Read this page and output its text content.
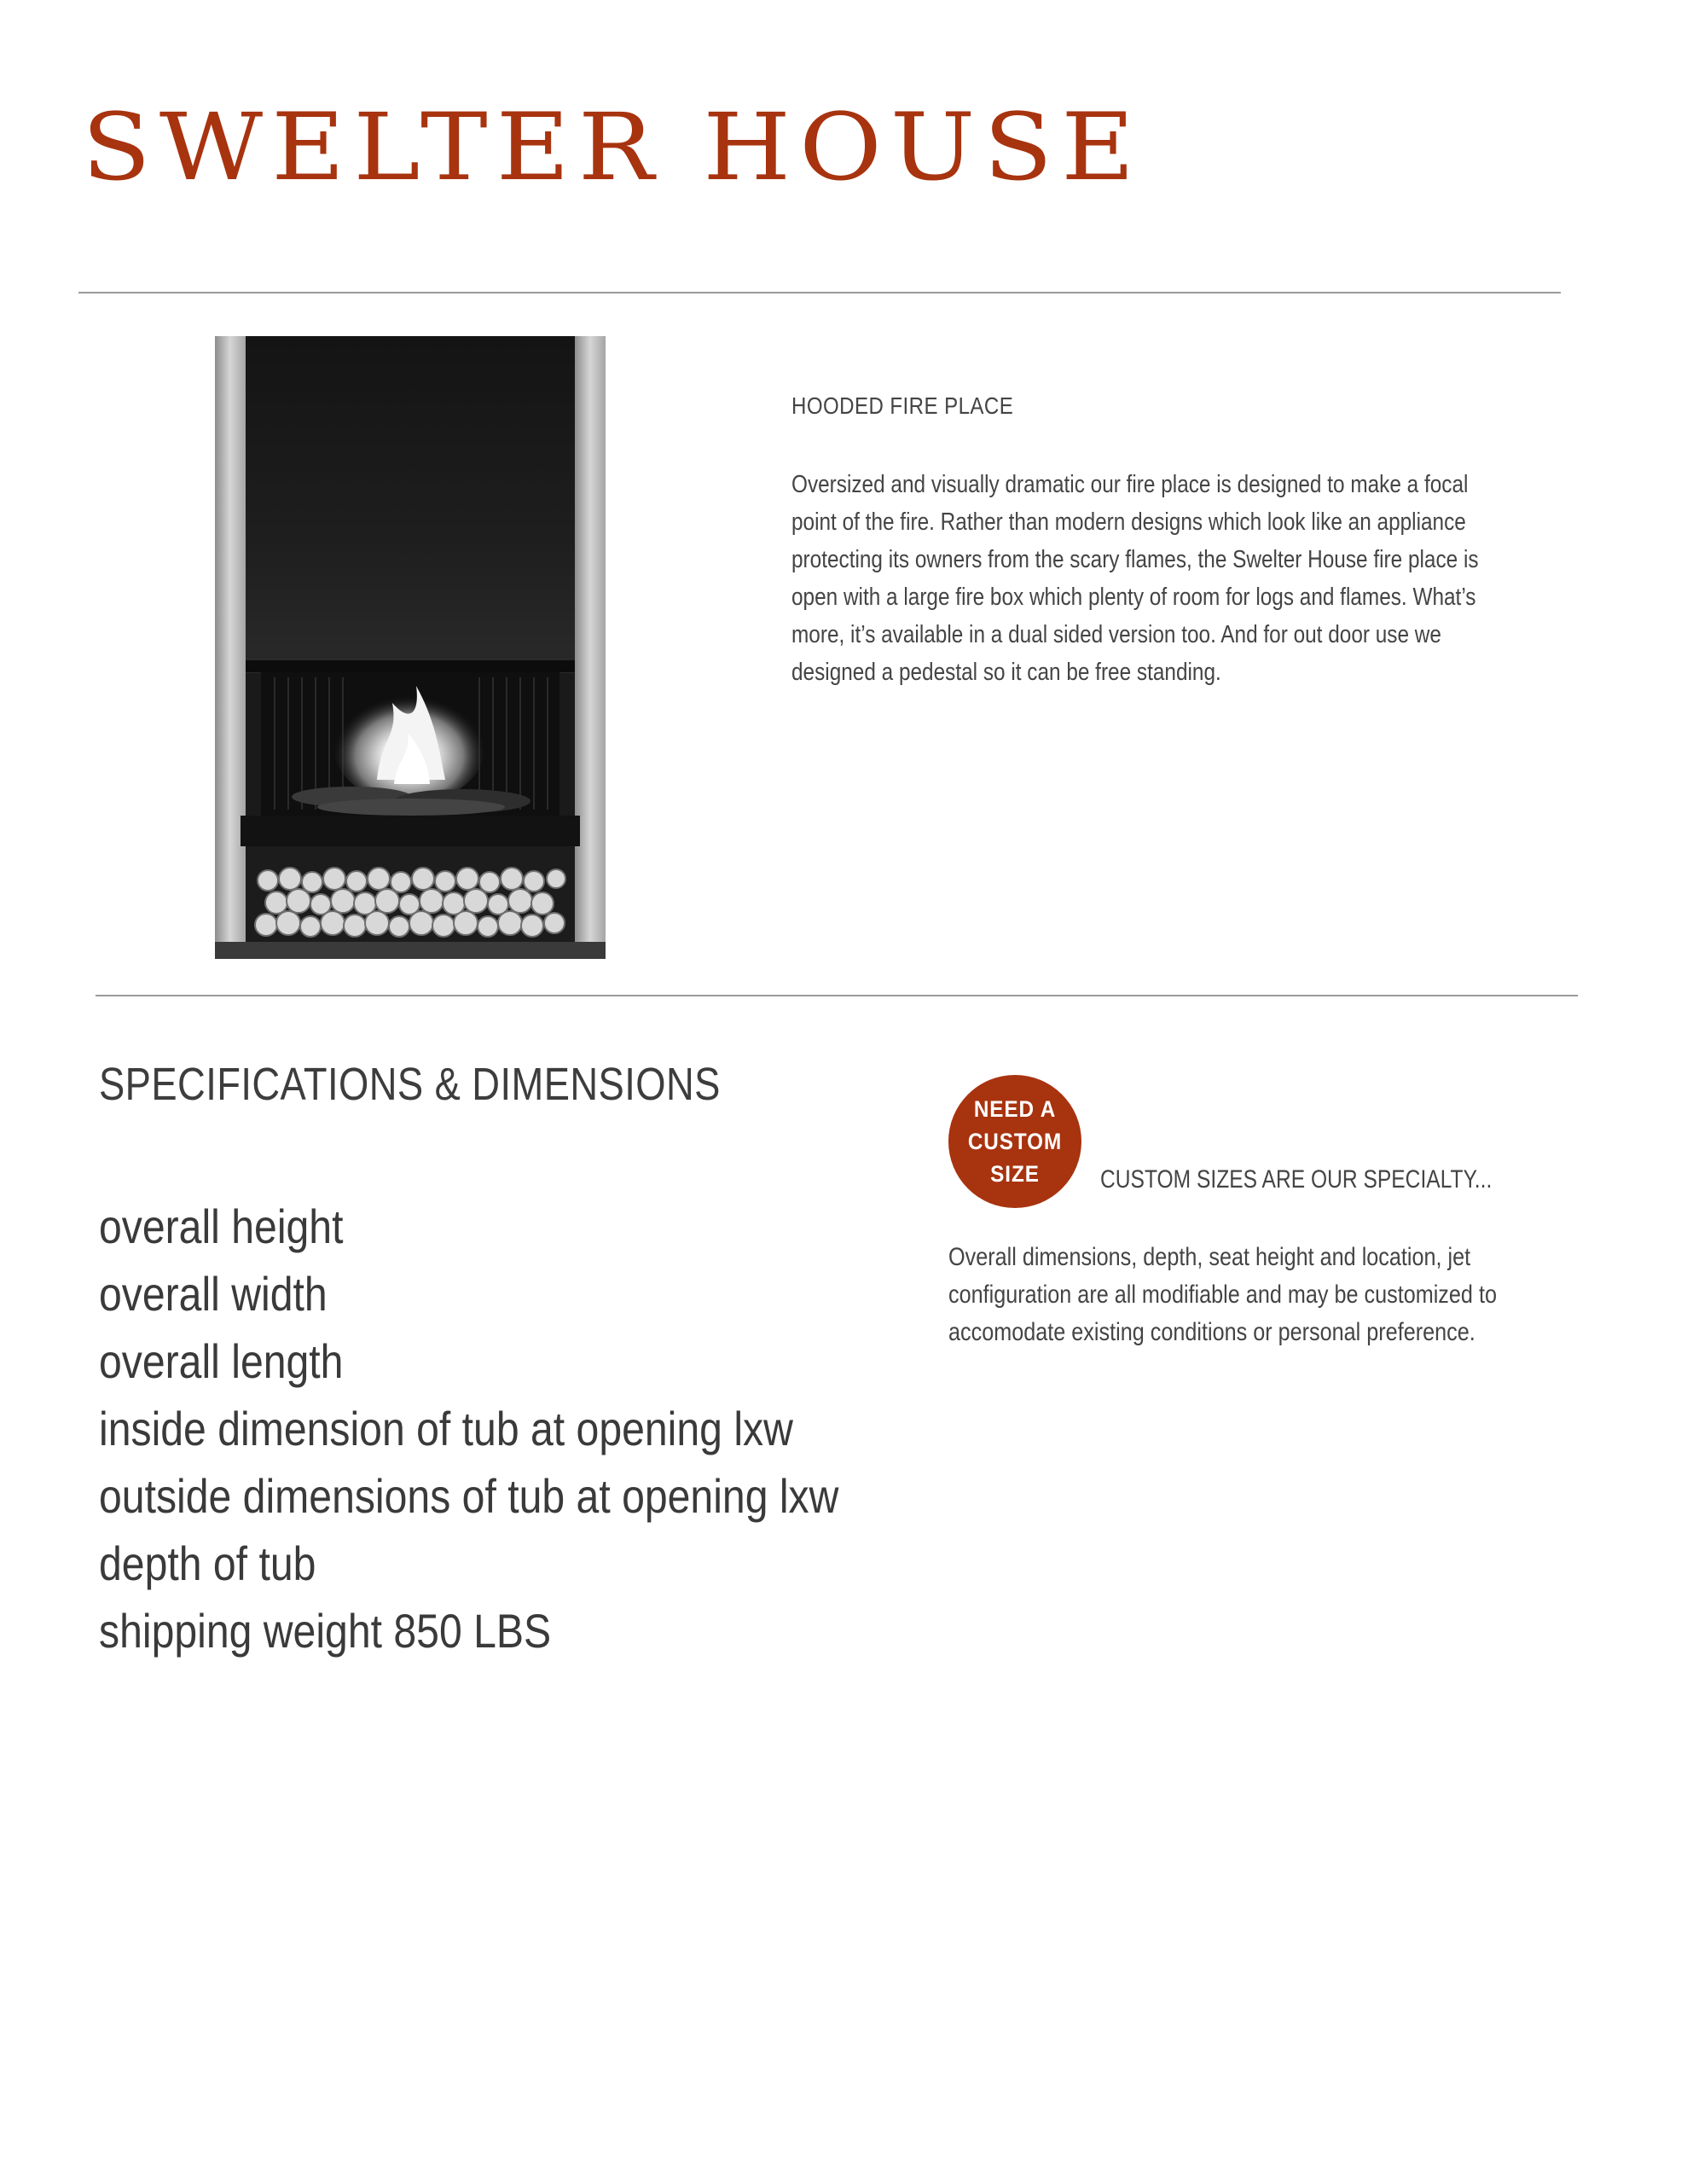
SWELTER HOUSE
HOODED FIRE PLACE
Oversized and visually dramatic our fire place is designed to make a focal point of the fire. Rather than modern designs which look like an appliance protecting its owners from the scary flames, the Swelter House fire place is open with a large fire box which plenty of room for logs and flames. What’s more, it’s available in a dual sided version too. And for out door use we designed a pedestal so it can be free standing.
SPECIFICATIONS & DIMENSIONS
overall height
overall width
overall length
inside dimension of tub at opening lxw
outside dimensions of tub at opening lxw
depth of tub
shipping weight 850 LBS
NEED A
CUSTOM
SIZE	CUSTOM SIZES ARE OUR SPECIALTY...
Overall dimensions, depth, seat height and location, jet configuration are all modifiable and may be customized to accomodate existing conditions or personal preference.
